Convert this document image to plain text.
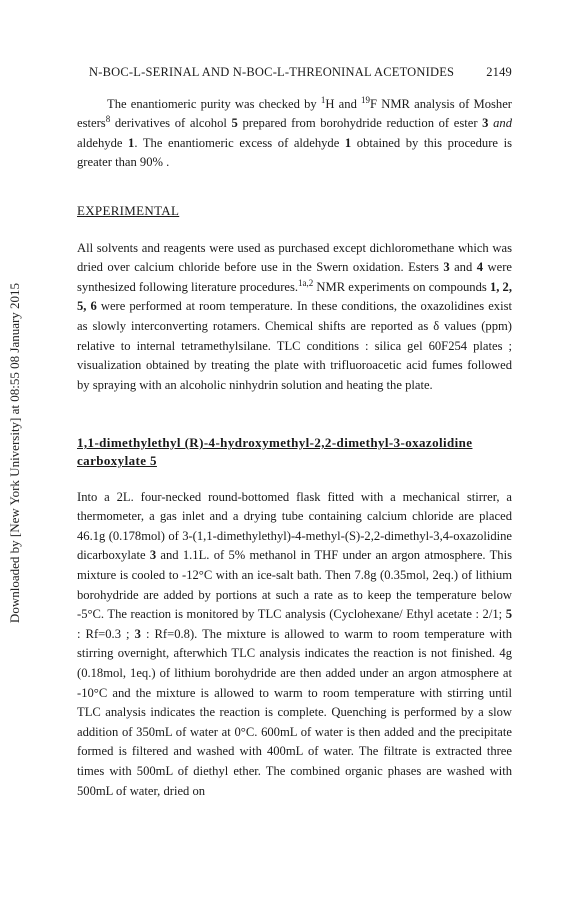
Downloaded by [New York University] at 08:55 08 January 2015
N-BOC-L-SERINAL AND N-BOC-L-THREONINAL ACETONIDES	2149

The enantiomeric purity was checked by $^1$H and $^{19}$F NMR analysis of Mosher esters$^8$ derivatives of alcohol 5 prepared from borohydride reduction of ester 3 and aldehyde 1. The enantiomeric excess of aldehyde 1 obtained by this procedure is greater than 90% .

EXPERIMENTAL

All solvents and reagents were used as purchased except dichloromethane which was dried over calcium chloride before use in the Swern oxidation. Esters 3 and 4 were synthesized following literature procedures.$^{1a,2}$ NMR experiments on compounds 1, 2, 5, 6 were performed at room temperature. In these conditions, the oxazolidines exist as slowly interconverting rotamers. Chemical shifts are reported as δ values (ppm) relative to internal tetramethylsilane. TLC conditions : silica gel 60F254 plates ; visualization obtained by treating the plate with trifluoroacetic acid fumes followed by spraying with an alcoholic ninhydrin solution and heating the plate.

1,1-dimethylethyl (R)-4-hydroxymethyl-2,2-dimethyl-3-oxazolidine carboxylate 5

Into a 2L. four-necked round-bottomed flask fitted with a mechanical stirrer, a thermometer, a gas inlet and a drying tube containing calcium chloride are placed 46.1g (0.178mol) of 3-(1,1-dimethylethyl)-4-methyl-(S)-2,2-dimethyl-3,4-oxazolidine dicarboxylate 3 and 1.1L. of 5% methanol in THF under an argon atmosphere. This mixture is cooled to -12°C with an ice-salt bath. Then 7.8g (0.35mol, 2eq.) of lithium borohydride are added by portions at such a rate as to keep the temperature below -5°C. The reaction is monitored by TLC analysis (Cyclohexane/ Ethyl acetate : 2/1; 5 : Rf=0.3 ; 3 : Rf=0.8). The mixture is allowed to warm to room temperature with stirring overnight, afterwhich TLC analysis indicates the reaction is not finished. 4g (0.18mol, 1eq.) of lithium borohydride are then added under an argon atmosphere at -10°C and the mixture is allowed to warm to room temperature with stirring until TLC analysis indicates the reaction is complete. Quenching is performed by a slow addition of 350mL of water at 0°C. 600mL of water is then added and the precipitate formed is filtered and washed with 400mL of water. The filtrate is extracted three times with 500mL of diethyl ether. The combined organic phases are washed with 500mL of water, dried on
